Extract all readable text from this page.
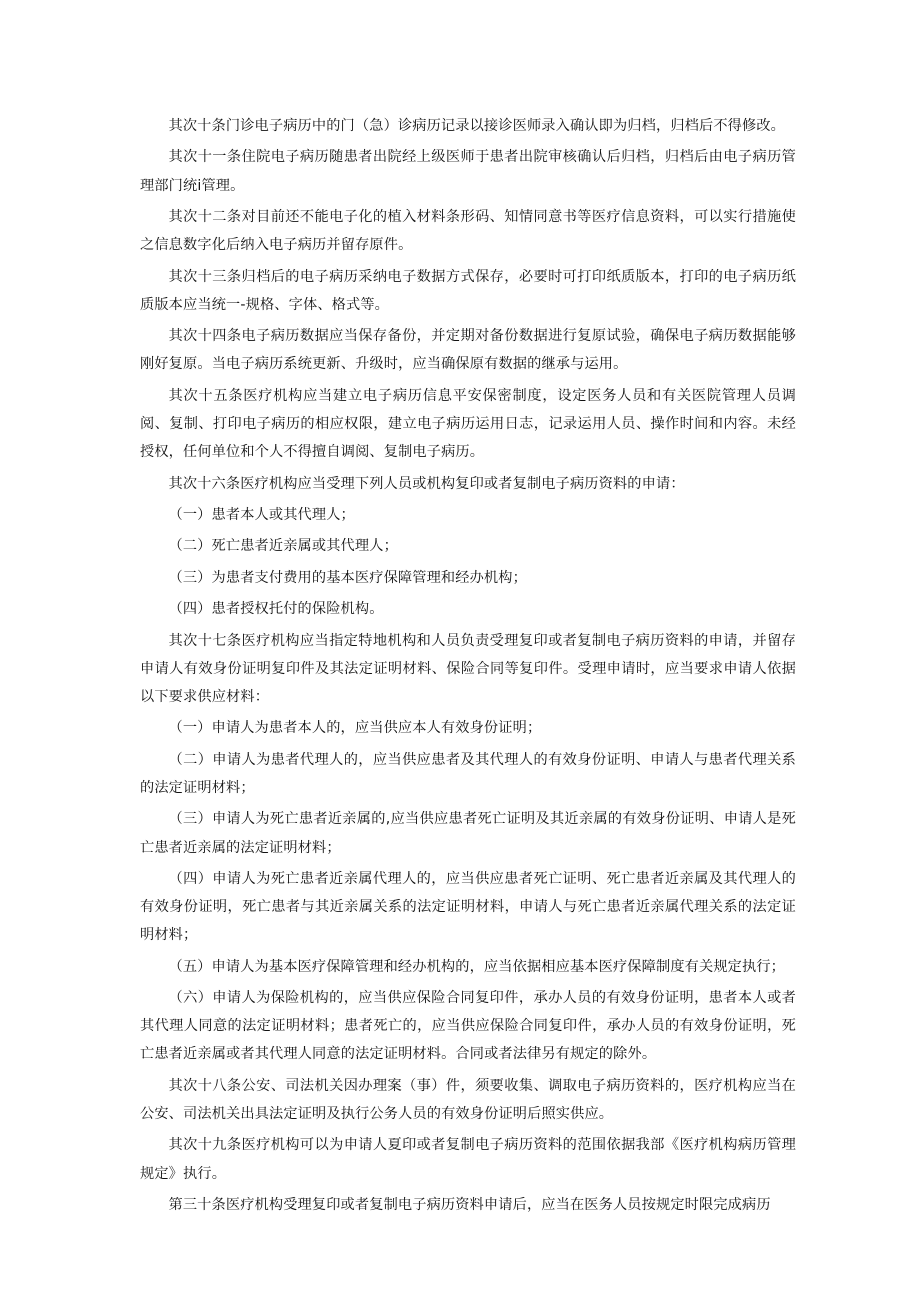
其次十条门诊电子病历中的门（急）诊病历记录以接诊医师录入确认即为归档，归档后不得修改。

其次十一条住院电子病历随患者出院经上级医师于患者出院审核确认后归档，归档后由电子病历管理部门统i管理。

其次十二条对目前还不能电子化的植入材料条形码、知情同意书等医疗信息资料，可以实行措施使之信息数字化后纳入电子病历并留存原件。

其次十三条归档后的电子病历采纳电子数据方式保存，必要时可打印纸质版本，打印的电子病历纸质版本应当统一-规格、字体、格式等。

其次十四条电子病历数据应当保存备份，并定期对备份数据进行复原试验，确保电子病历数据能够刚好复原。当电子病历系统更新、升级时，应当确保原有数据的继承与运用。

其次十五条医疗机构应当建立电子病历信息平安保密制度，设定医务人员和有关医院管理人员调阅、复制、打印电子病历的相应权限，建立电子病历运用日志，记录运用人员、操作时间和内容。未经授权，任何单位和个人不得擅自调阅、复制电子病历。

其次十六条医疗机构应当受理下列人员或机构复印或者复制电子病历资料的申请：

（一）患者本人或其代理人；

（二）死亡患者近亲属或其代理人；

（三）为患者支付费用的基本医疗保障管理和经办机构；

（四）患者授权托付的保险机构。

其次十七条医疗机构应当指定特地机构和人员负责受理复印或者复制电子病历资料的申请，并留存申请人有效身份证明复印件及其法定证明材料、保险合同等复印件。受理申请时，应当要求申请人依据以下要求供应材料：

（一）申请人为患者本人的，应当供应本人有效身份证明；

（二）申请人为患者代理人的，应当供应患者及其代理人的有效身份证明、申请人与患者代理关系的法定证明材料；

（三）申请人为死亡患者近亲属的,应当供应患者死亡证明及其近亲属的有效身份证明、申请人是死亡患者近亲属的法定证明材料；

（四）申请人为死亡患者近亲属代理人的，应当供应患者死亡证明、死亡患者近亲属及其代理人的有效身份证明，死亡患者与其近亲属关系的法定证明材料，申请人与死亡患者近亲属代理关系的法定证明材料；

（五）申请人为基本医疗保障管理和经办机构的，应当依据相应基本医疗保障制度有关规定执行；

（六）申请人为保险机构的，应当供应保险合同复印件，承办人员的有效身份证明，患者本人或者其代理人同意的法定证明材料；患者死亡的，应当供应保险合同复印件，承办人员的有效身份证明，死亡患者近亲属或者其代理人同意的法定证明材料。合同或者法律另有规定的除外。

其次十八条公安、司法机关因办理案（事）件，须要收集、调取电子病历资料的，医疗机构应当在公安、司法机关出具法定证明及执行公务人员的有效身份证明后照实供应。

其次十九条医疗机构可以为申请人夏印或者复制电子病历资料的范围依据我部《医疗机构病历管理规定》执行。

第三十条医疗机构受理复印或者复制电子病历资料申请后，应当在医务人员按规定时限完成病历
